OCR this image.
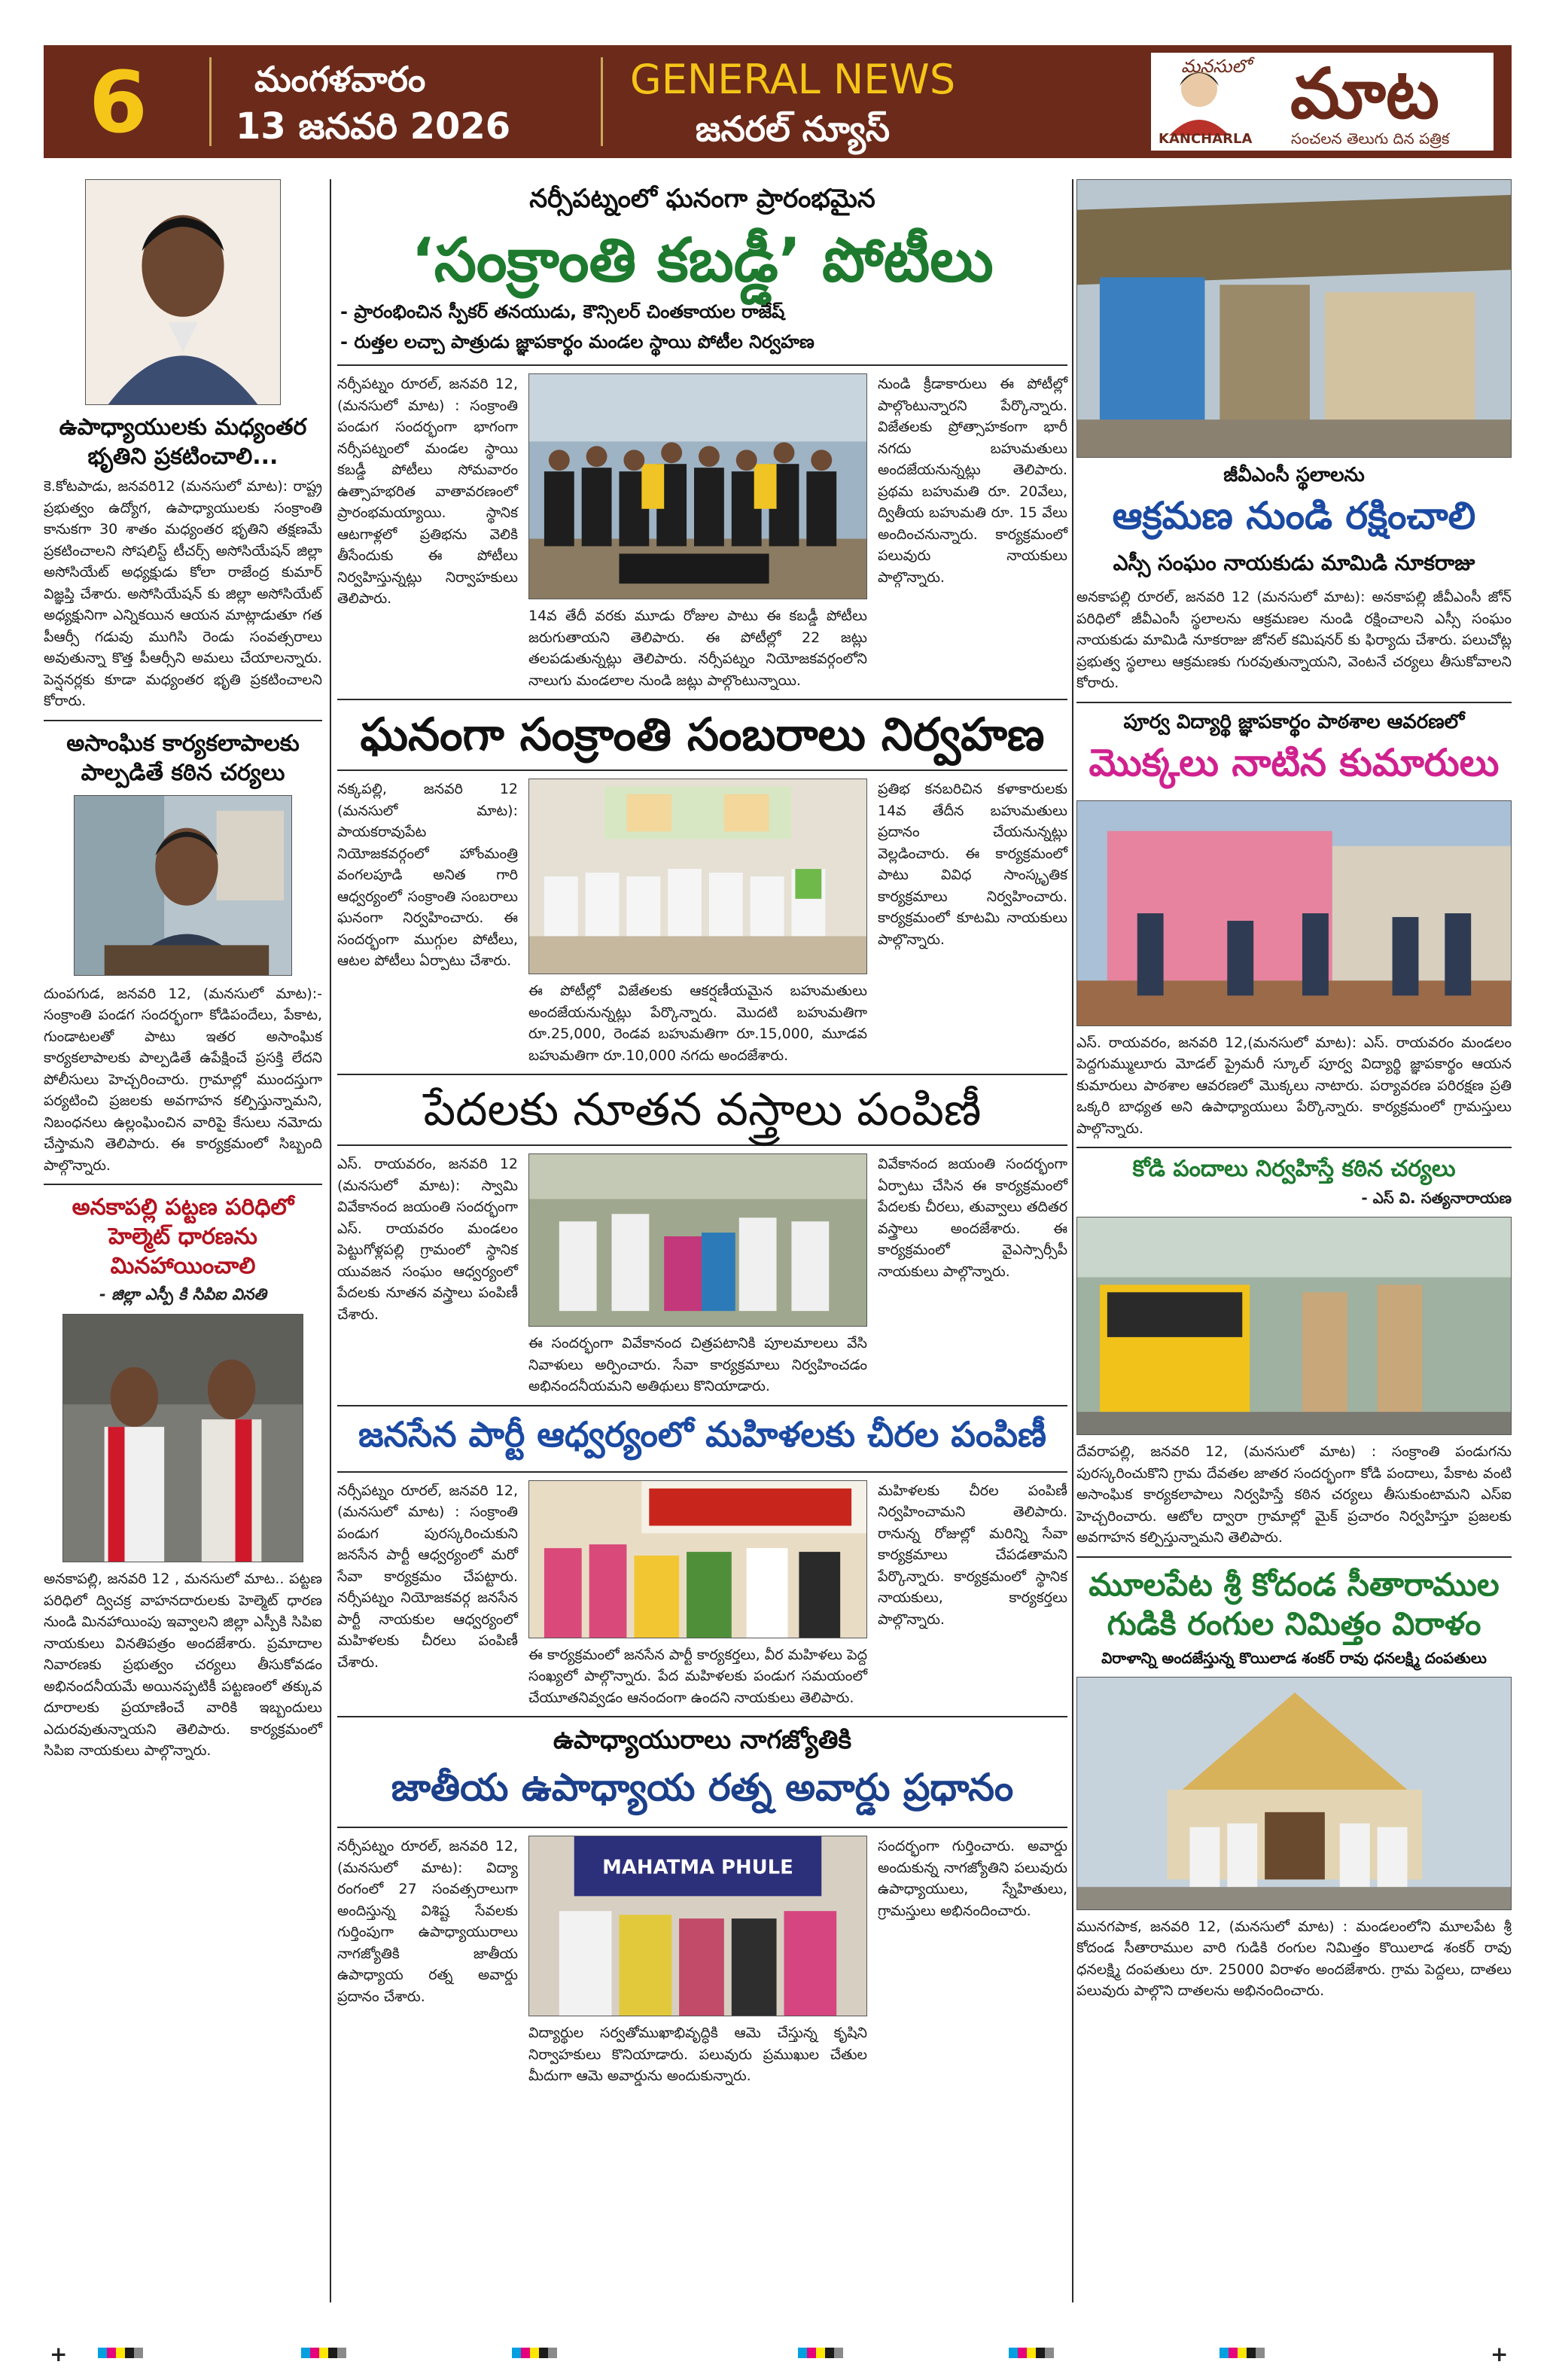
6	మంగళవారం
13 జనవరి 2026
GENERAL NEWS
జనరల్ న్యూస్
మనసులో మాట
KANCHARLA	సంచలన తెలుగు దిన పత్రిక
ఉపాధ్యాయులకు మధ్యంతర భృతిని ప్రకటించాలి...

కె.కోటపాడు, జనవరి12 (మనసులో మాట): రాష్ట్ర ప్రభుత్వం ఉద్యోగ, ఉపాధ్యాయులకు సంక్రాంతి కానుకగా 30 శాతం మధ్యంతర భృతిని తక్షణమే ప్రకటించాలని సోషలిస్ట్ టీచర్స్ అసోసియేషన్ జిల్లా అసోసియేట్ అధ్యక్షుడు కోలా రాజేంద్ర కుమార్ విజ్ఞప్తి చేశారు. అసోసియేషన్ కు జిల్లా అసోసియేట్ అధ్యక్షునిగా ఎన్నికయిన ఆయన మాట్లాడుతూ గత పీఆర్సీ గడువు ముగిసి రెండు సంవత్సరాలు అవుతున్నా కొత్త పీఆర్సీని అమలు చేయాలన్నారు. పెన్షనర్లకు కూడా మధ్యంతర భృతి ప్రకటించాలని కోరారు.

అసాంఘిక కార్యకలాపాలకు పాల్పడితే కఠిన చర్యలు

దుంపగుడ, జనవరి 12, (మనసులో మాట):- సంక్రాంతి పండగ సందర్భంగా కోడిపందేలు, పేకాట, గుండాటలతో పాటు ఇతర అసాంఘిక కార్యకలాపాలకు పాల్పడితే ఉపేక్షించే ప్రసక్తి లేదని పోలీసులు హెచ్చరించారు. గ్రామాల్లో ముందస్తుగా పర్యటించి ప్రజలకు అవగాహన కల్పిస్తున్నామని, నిబంధనలు ఉల్లంఘించిన వారిపై కేసులు నమోదు చేస్తామని తెలిపారు. ఈ కార్యక్రమంలో సిబ్బంది పాల్గొన్నారు.

అనకాపల్లి పట్టణ పరిధిలో హెల్మెట్ ధారణను మినహాయించాలి
- జిల్లా ఎస్పీ కి సిపిఐ వినతి

అనకాపల్లి, జనవరి 12 , మనసులో మాట.. పట్టణ పరిధిలో ద్విచక్ర వాహనదారులకు హెల్మెట్ ధారణ నుండి మినహాయింపు ఇవ్వాలని జిల్లా ఎస్పీకి సిపిఐ నాయకులు వినతిపత్రం అందజేశారు. ప్రమాదాల నివారణకు ప్రభుత్వం చర్యలు తీసుకోవడం అభినందనీయమే అయినప్పటికీ పట్టణంలో తక్కువ దూరాలకు ప్రయాణించే వారికి ఇబ్బందులు ఎదురవుతున్నాయని తెలిపారు. కార్యక్రమంలో సిపిఐ నాయకులు పాల్గొన్నారు.

నర్సీపట్నంలో ఘనంగా ప్రారంభమైన
‘సంక్రాంతి కబడ్డీ’ పోటీలు
- ప్రారంభించిన స్పీకర్ తనయుడు, కౌన్సిలర్ చింతకాయల రాజేష్
- రుత్తల లచ్చా పాత్రుడు జ్ఞాపకార్థం మండల స్థాయి పోటీల నిర్వహణ

నర్సీపట్నం రూరల్, జనవరి 12, (మనసులో మాట) : సంక్రాంతి పండుగ సందర్భంగా భాగంగా నర్సీపట్నంలో మండల స్థాయి కబడ్డీ పోటీలు సోమవారం ఉత్సాహభరిత వాతావరణంలో ప్రారంభమయ్యాయి. స్థానిక ఆటగాళ్లలో ప్రతిభను వెలికి తీసేందుకు ఈ పోటీలు నిర్వహిస్తున్నట్లు నిర్వాహకులు తెలిపారు.

14వ తేదీ వరకు మూడు రోజుల పాటు ఈ కబడ్డీ పోటీలు జరుగుతాయని తెలిపారు. ఈ పోటీల్లో 22 జట్లు తలపడుతున్నట్లు తెలిపారు. నర్సీపట్నం నియోజకవర్గంలోని నాలుగు మండలాల నుండి జట్లు పాల్గొంటున్నాయి.

నుండి క్రీడాకారులు ఈ పోటీల్లో పాల్గొంటున్నారని పేర్కొన్నారు. విజేతలకు ప్రోత్సాహకంగా భారీ నగదు బహుమతులు అందజేయనున్నట్లు తెలిపారు. ప్రథమ బహుమతి రూ. 20వేలు, ద్వితీయ బహుమతి రూ. 15 వేలు అందించనున్నారు. కార్యక్రమంలో పలువురు నాయకులు పాల్గొన్నారు.

ఘనంగా సంక్రాంతి సంబరాలు నిర్వహణ

నక్కపల్లి, జనవరి 12 (మనసులో మాట): పాయకరావుపేట నియోజకవర్గంలో హోంమంత్రి వంగలపూడి అనిత గారి ఆధ్వర్యంలో సంక్రాంతి సంబరాలు ఘనంగా నిర్వహించారు. ఈ సందర్భంగా ముగ్గుల పోటీలు, ఆటల పోటీలు ఏర్పాటు చేశారు.

ఈ పోటీల్లో విజేతలకు ఆకర్షణీయమైన బహుమతులు అందజేయనున్నట్లు పేర్కొన్నారు. మొదటి బహుమతిగా రూ.25,000, రెండవ బహుమతిగా రూ.15,000, మూడవ బహుమతిగా రూ.10,000 నగదు అందజేశారు.

ప్రతిభ కనబరిచిన కళాకారులకు 14వ తేదీన బహుమతులు ప్రదానం చేయనున్నట్లు వెల్లడించారు. ఈ కార్యక్రమంలో పాటు వివిధ సాంస్కృతిక కార్యక్రమాలు నిర్వహించారు. కార్యక్రమంలో కూటమి నాయకులు పాల్గొన్నారు.

పేదలకు నూతన వస్త్రాలు పంపిణీ

ఎస్. రాయవరం, జనవరి 12 (మనసులో మాట): స్వామి వివేకానంద జయంతి సందర్భంగా ఎస్. రాయవరం మండలం పెట్టుగోళ్లపల్లి గ్రామంలో స్థానిక యువజన సంఘం ఆధ్వర్యంలో పేదలకు నూతన వస్త్రాలు పంపిణీ చేశారు.

ఈ సందర్భంగా వివేకానంద చిత్రపటానికి పూలమాలలు వేసి నివాళులు అర్పించారు. సేవా కార్యక్రమాలు నిర్వహించడం అభినందనీయమని అతిథులు కొనియాడారు.

వివేకానంద జయంతి సందర్భంగా ఏర్పాటు చేసిన ఈ కార్యక్రమంలో పేదలకు చీరలు, తువ్వాలు తదితర వస్త్రాలు అందజేశారు. ఈ కార్యక్రమంలో వైఎస్సార్సీపీ నాయకులు పాల్గొన్నారు.

జనసేన పార్టీ ఆధ్వర్యంలో మహిళలకు చీరల పంపిణీ

నర్సీపట్నం రూరల్, జనవరి 12, (మనసులో మాట) : సంక్రాంతి పండుగ పురస్కరించుకుని జనసేన పార్టీ ఆధ్వర్యంలో మరో సేవా కార్యక్రమం చేపట్టారు. నర్సీపట్నం నియోజకవర్గ జనసేన పార్టీ నాయకుల ఆధ్వర్యంలో మహిళలకు చీరలు పంపిణీ చేశారు.	ఈ కార్యక్రమంలో జనసేన పార్టీ కార్యకర్తలు, వీర మహిళలు పెద్ద సంఖ్యలో పాల్గొన్నారు. పేద మహిళలకు పండుగ సమయంలో చేయూతనివ్వడం ఆనందంగా ఉందని నాయకులు తెలిపారు.

మహిళలకు చీరల పంపిణీ నిర్వహించామని తెలిపారు. రానున్న రోజుల్లో మరిన్ని సేవా కార్యక్రమాలు చేపడతామని పేర్కొన్నారు. కార్యక్రమంలో స్థానిక నాయకులు, కార్యకర్తలు పాల్గొన్నారు.

ఉపాధ్యాయురాలు నాగజ్యోతికి
జాతీయ ఉపాధ్యాయ రత్న అవార్డు ప్రధానం

నర్సీపట్నం రూరల్, జనవరి 12, (మనసులో మాట): విద్యా రంగంలో 27 సంవత్సరాలుగా అందిస్తున్న విశిష్ట సేవలకు గుర్తింపుగా ఉపాధ్యాయురాలు నాగజ్యోతికి జాతీయ ఉపాధ్యాయ రత్న అవార్డు ప్రదానం చేశారు.

MAHATMA PHULE

విద్యార్థుల సర్వతోముఖాభివృద్ధికి ఆమె చేస్తున్న కృషిని నిర్వాహకులు కొనియాడారు. పలువురు ప్రముఖుల చేతుల మీదుగా ఆమె అవార్డును అందుకున్నారు.

సందర్భంగా గుర్తించారు. అవార్డు అందుకున్న నాగజ్యోతిని పలువురు ఉపాధ్యాయులు, స్నేహితులు, గ్రామస్తులు అభినందించారు.

జీవీఎంసీ స్థలాలను
ఆక్రమణ నుండి రక్షించాలి
ఎస్సీ సంఘం నాయకుడు మామిడి నూకరాజు

అనకాపల్లి రూరల్, జనవరి 12 (మనసులో మాట): అనకాపల్లి జీవీఎంసీ జోన్ పరిధిలో జీవీఎంసీ స్థలాలను ఆక్రమణల నుండి రక్షించాలని ఎస్సీ సంఘం నాయకుడు మామిడి నూకరాజు జోనల్ కమిషనర్ కు ఫిర్యాదు చేశారు. పలుచోట్ల ప్రభుత్వ స్థలాలు ఆక్రమణకు గురవుతున్నాయని, వెంటనే చర్యలు తీసుకోవాలని కోరారు.

పూర్వ విద్యార్థి జ్ఞాపకార్థం పాఠశాల ఆవరణలో
మొక్కలు నాటిన కుమారులు

ఎస్. రాయవరం, జనవరి 12,(మనసులో మాట): ఎస్. రాయవరం మండలం పెద్దగుమ్ములూరు మోడల్ ప్రైమరీ స్కూల్ పూర్వ విద్యార్థి జ్ఞాపకార్థం ఆయన కుమారులు పాఠశాల ఆవరణలో మొక్కలు నాటారు. పర్యావరణ పరిరక్షణ ప్రతి ఒక్కరి బాధ్యత అని ఉపాధ్యాయులు పేర్కొన్నారు. కార్యక్రమంలో గ్రామస్తులు పాల్గొన్నారు.

కోడి పందాలు నిర్వహిస్తే కఠిన చర్యలు
- ఎస్ వి. సత్యనారాయణ

దేవరాపల్లి, జనవరి 12, (మనసులో మాట) : సంక్రాంతి పండుగను పురస్కరించుకొని గ్రామ దేవతల జాతర సందర్భంగా కోడి పందాలు, పేకాట వంటి అసాంఘిక కార్యకలాపాలు నిర్వహిస్తే కఠిన చర్యలు తీసుకుంటామని ఎస్ఐ హెచ్చరించారు. ఆటోల ద్వారా గ్రామాల్లో మైక్ ప్రచారం నిర్వహిస్తూ ప్రజలకు అవగాహన కల్పిస్తున్నామని తెలిపారు.

మూలపేట శ్రీ కోదండ సీతారాముల గుడికి రంగుల నిమిత్తం విరాళం
విరాళాన్ని అందజేస్తున్న కొయిలాడ శంకర్ రావు ధనలక్ష్మి దంపతులు

మునగపాక, జనవరి 12, (మనసులో మాట) : మండలంలోని మూలపేట శ్రీ కోదండ సీతారాముల వారి గుడికి రంగుల నిమిత్తం కొయిలాడ శంకర్ రావు ధనలక్ష్మి దంపతులు రూ. 25000 విరాళం అందజేశారు. గ్రామ పెద్దలు, దాతలు పలువురు పాల్గొని దాతలను అభినందించారు.

+	+
